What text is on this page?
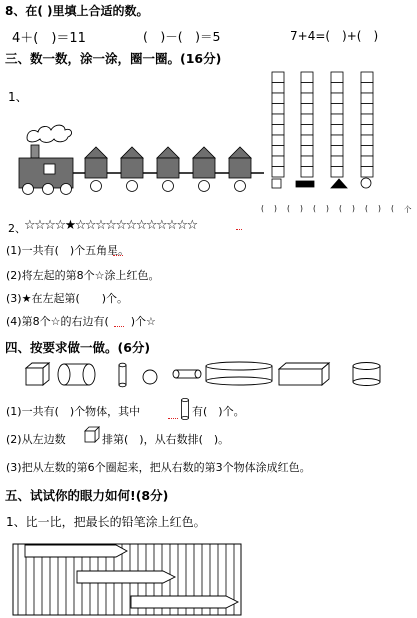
8、在( )里填上合适的数。
4＋(　)＝11	(　)－(　)＝5	7+4=(　)+(　)
三、数一数，涂一涂，圈一圈。(16分)
1、
( ) ( ) ( ) ( ) ( ) ( 个
2、
☆☆☆☆★☆☆☆☆☆☆☆☆☆☆☆☆
(1)一共有(　)个五角星。
(2)将左起的第8个☆涂上红色。
(3)★在左起第(　　)个。
(4)第8个☆的右边有(　　)个☆
四、按要求做一做。(6分)
(1)一共有(　)个物体，其中	有(　)个。
(2)从左边数	排第(　)，从右数排(　)。
(3)把从左数的第6个圈起来，把从右数的第3个物体涂成红色。
五、试试你的眼力如何!(8分)
1、比一比，把最长的铅笔涂上红色。
